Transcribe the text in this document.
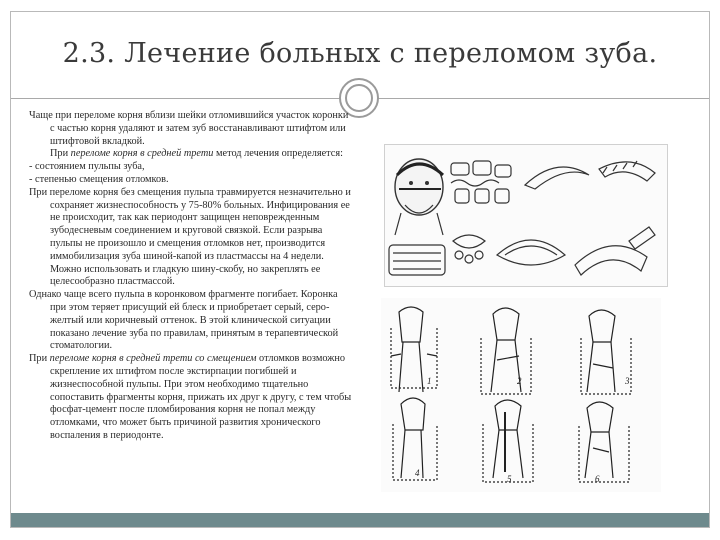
2.3. Лечение больных с переломом зуба.

Чаще при переломе корня вблизи шейки отломившийся участок коронки с частью корня удаляют и затем зуб восстанавливают штифтом или штифтовой вкладкой.

При переломе корня в средней трети метод лечения определяется:

- состоянием пульпы зуба,

- степенью смещения отломков.

При переломе корня без смещения пульпа травмируется незначительно и сохраняет жизнеспособность у 75-80% больных. Инфицирования ее не происходит, так как периодонт защищен неповрежденным зубодесневым соединением и круговой связкой. Если разрыва пульпы не произошло и смещения отломков нет, производится иммобилизация зуба шиной-капой из пластмассы на 4 недели. Можно использовать и гладкую шину-скобу, но закреплять ее целесообразно пластмассой.

Однако чаще всего пульпа в коронковом фрагменте погибает. Коронка при этом теряет присущий ей блеск и приобретает серый, серо-желтый или коричневый оттенок. В этой клинической ситуации показано лечение зуба по правилам, принятым в терапевтической стоматологии.

При переломе корня в средней трети со смещением отломков возможно скрепление их штифтом после экстирпации погибшей и жизнеспособной пульпы. При этом необходимо тщательно сопоставить фрагменты корня, прижать их друг к другу, с тем чтобы фосфат-цемент после пломбирования корня не попал между отломками, что может быть причиной развития хронического воспаления в периодонте.

1	2	3
4
5	6
